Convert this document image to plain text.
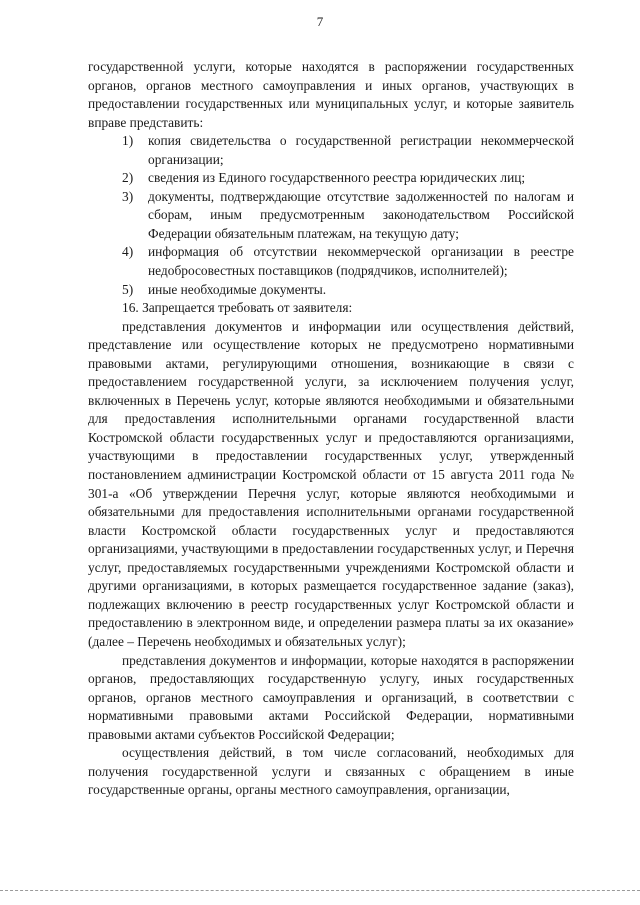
7

государственной услуги, которые находятся в распоряжении государственных органов, органов местного самоуправления и иных органов, участвующих в предоставлении государственных или муниципальных услуг, и которые заявитель вправе представить:

1)	копия свидетельства о государственной регистрации некоммерческой организации;
2)	сведения из Единого государственного реестра юридических лиц;
3)	документы, подтверждающие отсутствие задолженностей по налогам и сборам, иным предусмотренным законодательством Российской Федерации обязательным платежам, на текущую дату;
4)	информация об отсутствии некоммерческой организации в реестре недобросовестных поставщиков (подрядчиков, исполнителей);
5)	иные необходимые документы.

16. Запрещается требовать от заявителя:

представления документов и информации или осуществления действий, представление или осуществление которых не предусмотрено нормативными правовыми актами, регулирующими отношения, возникающие в связи с предоставлением государственной услуги, за исключением получения услуг, включенных в Перечень услуг, которые являются необходимыми и обязательными для предоставления исполнительными органами государственной власти Костромской области государственных услуг и предоставляются организациями, участвующими в предоставлении государственных услуг, утвержденный постановлением администрации Костромской области от 15 августа 2011 года № 301-а «Об утверждении Перечня услуг, которые являются необходимыми и обязательными для предоставления исполнительными органами государственной власти Костромской области государственных услуг и предоставляются организациями, участвующими в предоставлении государственных услуг, и Перечня услуг, предоставляемых государственными учреждениями Костромской области и другими организациями, в которых размещается государственное задание (заказ), подлежащих включению в реестр государственных услуг Костромской области и предоставлению в электронном виде, и определении размера платы за их оказание» (далее – Перечень необходимых и обязательных услуг);

представления документов и информации, которые находятся в распоряжении органов, предоставляющих государственную услугу, иных государственных органов, органов местного самоуправления и организаций, в соответствии с нормативными правовыми актами Российской Федерации, нормативными правовыми актами субъектов Российской Федерации;

осуществления действий, в том числе согласований, необходимых для получения государственной услуги и связанных с обращением в иные государственные органы, органы местного самоуправления, организации,
